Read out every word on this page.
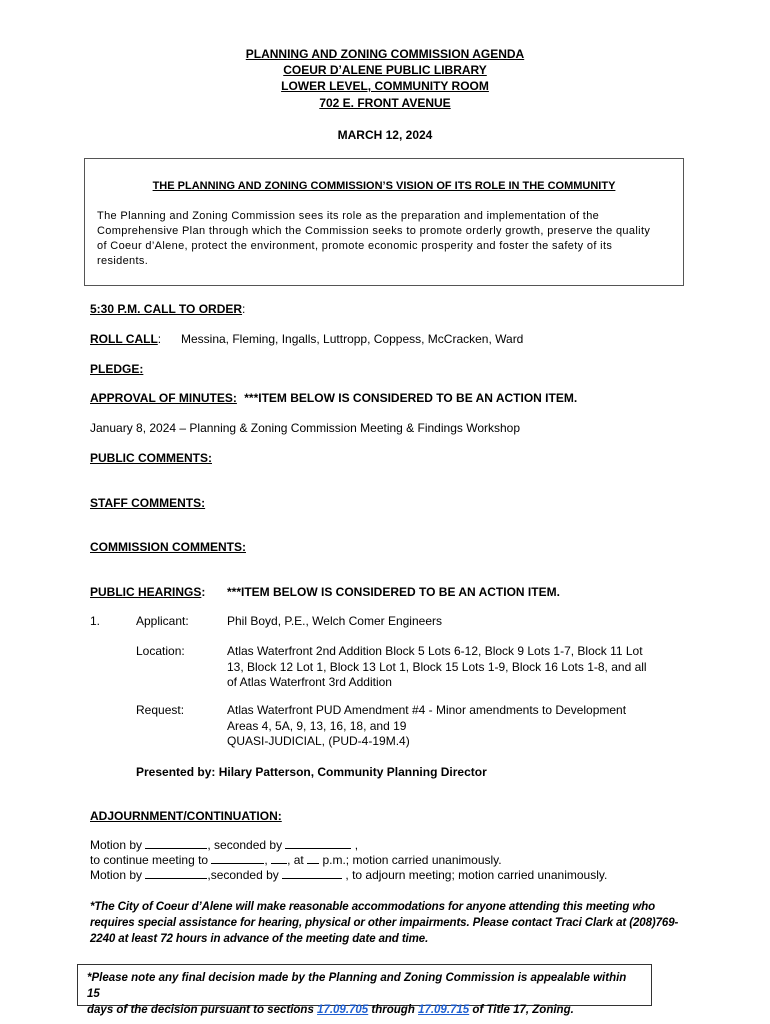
PLANNING AND ZONING COMMISSION AGENDA
COEUR D’ALENE PUBLIC LIBRARY
LOWER LEVEL, COMMUNITY ROOM
702 E. FRONT AVENUE
MARCH 12, 2024
THE PLANNING AND ZONING COMMISSION’S VISION OF ITS ROLE IN THE COMMUNITY
The Planning and Zoning Commission sees its role as the preparation and implementation of the Comprehensive Plan through which the Commission seeks to promote orderly growth, preserve the quality of Coeur d’Alene, protect the environment, promote economic prosperity and foster the safety of its residents.
5:30 P.M. CALL TO ORDER:
ROLL CALL: Messina, Fleming, Ingalls, Luttropp, Coppess, McCracken, Ward
PLEDGE:
APPROVAL OF MINUTES: ***ITEM BELOW IS CONSIDERED TO BE AN ACTION ITEM.
January 8, 2024 – Planning & Zoning Commission Meeting & Findings Workshop
PUBLIC COMMENTS:
STAFF COMMENTS:
COMMISSION COMMENTS:
PUBLIC HEARINGS: ***ITEM BELOW IS CONSIDERED TO BE AN ACTION ITEM.
1.	Applicant:	Phil Boyd, P.E., Welch Comer Engineers
Location:	Atlas Waterfront 2nd Addition Block 5 Lots 6-12, Block 9 Lots 1-7, Block 11 Lot
13, Block 12 Lot 1, Block 13 Lot 1, Block 15 Lots 1-9, Block 16 Lots 1-8, and all
of Atlas Waterfront 3rd Addition
Request:	Atlas Waterfront PUD Amendment #4 - Minor amendments to Development
Areas 4, 5A, 9, 13, 16, 18, and 19
QUASI-JUDICIAL, (PUD-4-19M.4)
Presented by: Hilary Patterson, Community Planning Director
ADJOURNMENT/CONTINUATION:
Motion by	, seconded by	,
to continue meeting to	, , at  p.m.; motion carried unanimously.
Motion by	,seconded by	, to adjourn meeting; motion carried unanimously.
*The City of Coeur d’Alene will make reasonable accommodations for anyone attending this meeting who
requires special assistance for hearing, physical or other impairments. Please contact Traci Clark at (208)769-
2240 at least 72 hours in advance of the meeting date and time.
*Please note any final decision made by the Planning and Zoning Commission is appealable within 15
days of the decision pursuant to sections 17.09.705 through 17.09.715 of Title 17, Zoning.
